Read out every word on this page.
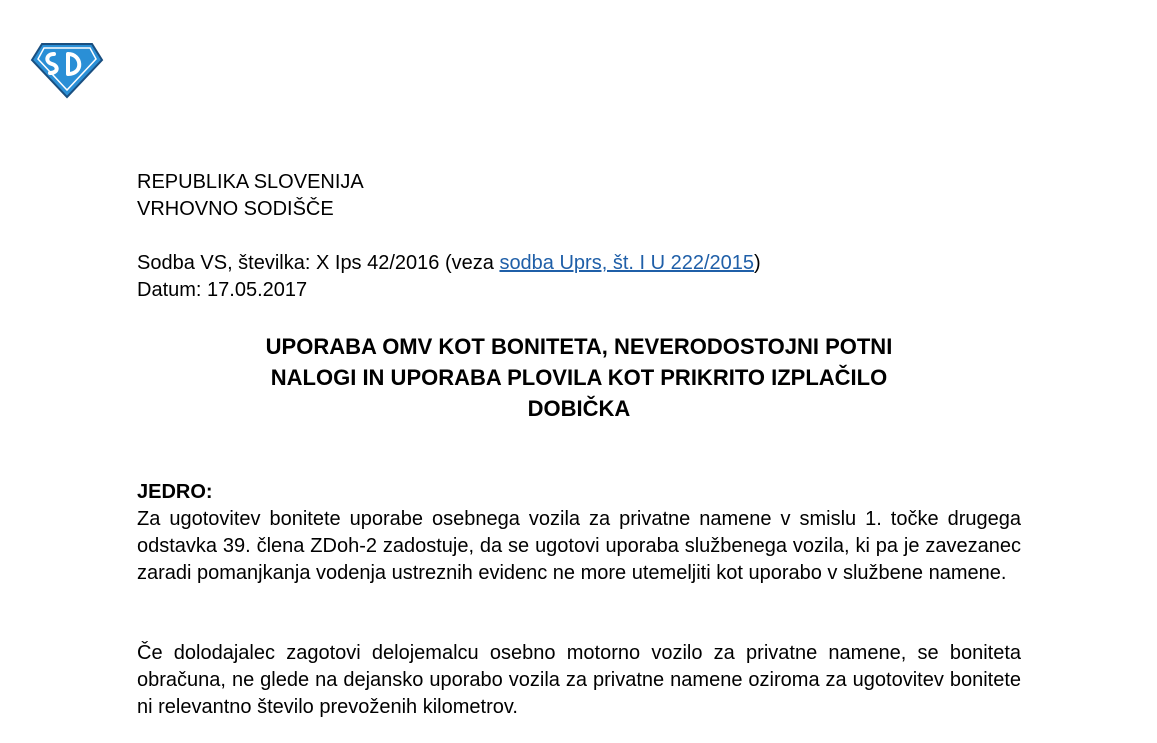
REPUBLIKA SLOVENIJA
VRHOVNO SODIŠČE
Sodba VS, številka: X Ips 42/2016 (veza sodba Uprs, št. I U 222/2015)
Datum: 17.05.2017
UPORABA OMV KOT BONITETA, NEVERODOSTOJNI POTNI
NALOGI IN UPORABA PLOVILA KOT PRIKRITO IZPLAČILO
DOBIČKA
JEDRO:
Za ugotovitev bonitete uporabe osebnega vozila za privatne namene v smislu 1. točke drugega odstavka 39. člena ZDoh-2 zadostuje, da se ugotovi uporaba službenega vozila, ki pa je zavezanec zaradi pomanjkanja vodenja ustreznih evidenc ne more utemeljiti kot uporabo v službene namene.
Če dolodajalec zagotovi delojemalcu osebno motorno vozilo za privatne namene, se boniteta obračuna, ne glede na dejansko uporabo vozila za privatne namene oziroma za ugotovitev bonitete ni relevantno število prevoženih kilometrov.
